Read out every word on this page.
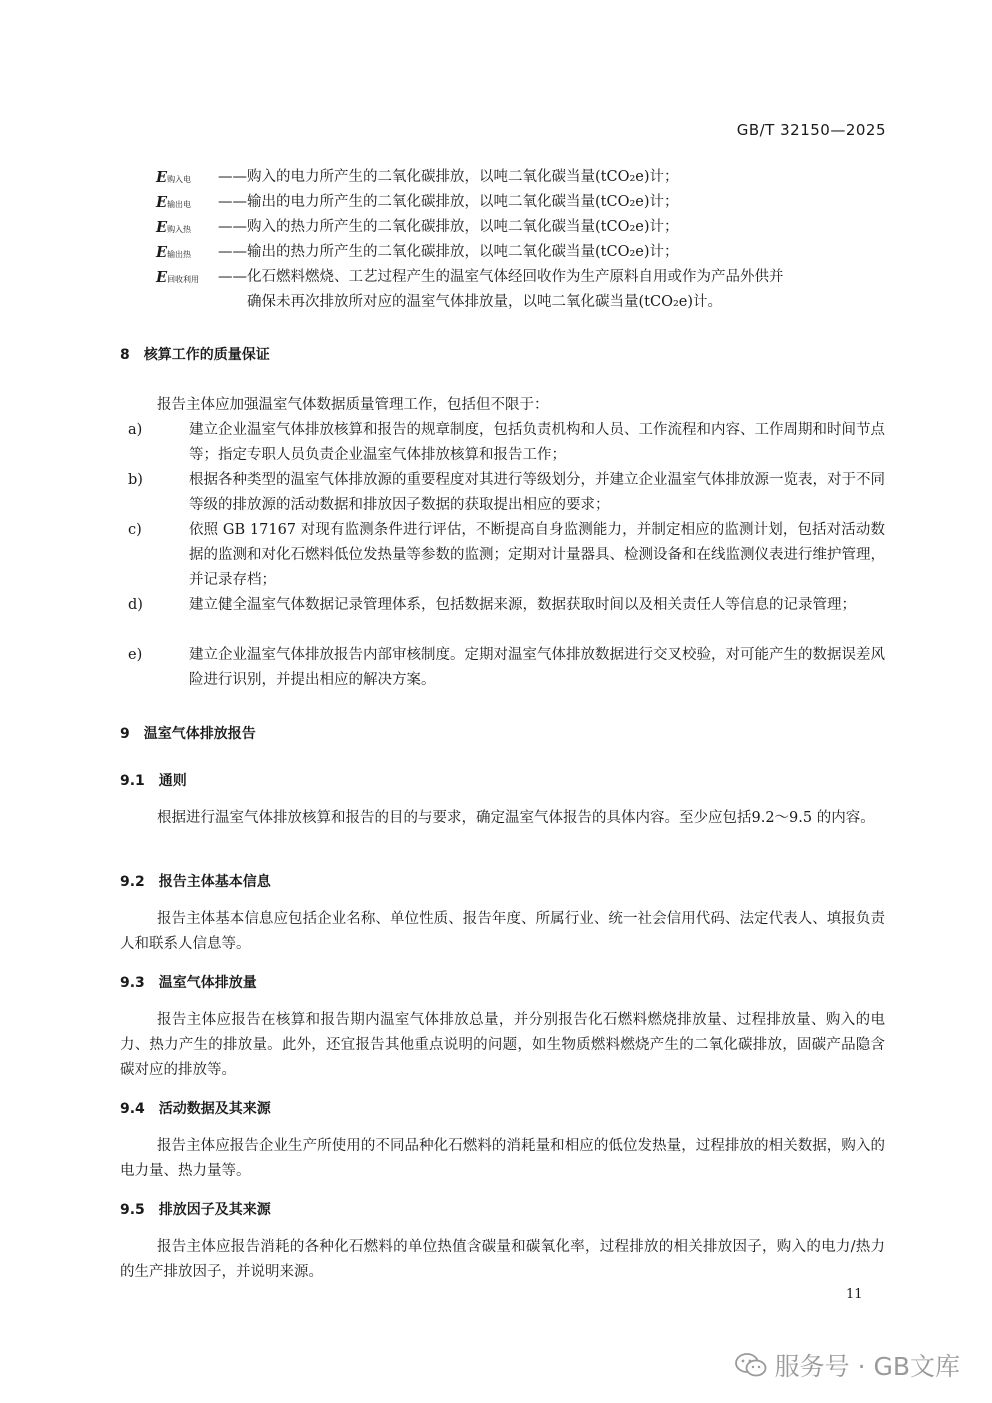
GB/T 32150—2025
E购入电	——购入的电力所产生的二氧化碳排放，以吨二氧化碳当量(tCO₂e)计；
E输出电	——输出的电力所产生的二氧化碳排放，以吨二氧化碳当量(tCO₂e)计；
E购入热	——购入的热力所产生的二氧化碳排放，以吨二氧化碳当量(tCO₂e)计；
E输出热	——输出的热力所产生的二氧化碳排放，以吨二氧化碳当量(tCO₂e)计；
E回收利用	——化石燃料燃烧、工艺过程产生的温室气体经回收作为生产原料自用或作为产品外供并
确保未再次排放所对应的温室气体排放量，以吨二氧化碳当量(tCO₂e)计。
8　核算工作的质量保证
报告主体应加强温室气体数据质量管理工作，包括但不限于：
a)	建立企业温室气体排放核算和报告的规章制度，包括负责机构和人员、工作流程和内容、工作周期和时间节点等；指定专职人员负责企业温室气体排放核算和报告工作；
b)	根据各种类型的温室气体排放源的重要程度对其进行等级划分，并建立企业温室气体排放源一览表，对于不同等级的排放源的活动数据和排放因子数据的获取提出相应的要求；
c)	依照 GB 17167 对现有监测条件进行评估，不断提高自身监测能力，并制定相应的监测计划，包括对活动数据的监测和对化石燃料低位发热量等参数的监测；定期对计量器具、检测设备和在线监测仪表进行维护管理，并记录存档；
d)	建立健全温室气体数据记录管理体系，包括数据来源，数据获取时间以及相关责任人等信息的记录管理；
e)	建立企业温室气体排放报告内部审核制度。定期对温室气体排放数据进行交叉校验，对可能产生的数据误差风险进行识别，并提出相应的解决方案。
9　温室气体排放报告
9.1　通则
根据进行温室气体排放核算和报告的目的与要求，确定温室气体报告的具体内容。至少应包括9.2～9.5 的内容。
9.2　报告主体基本信息
报告主体基本信息应包括企业名称、单位性质、报告年度、所属行业、统一社会信用代码、法定代表人、填报负责人和联系人信息等。
9.3　温室气体排放量
报告主体应报告在核算和报告期内温室气体排放总量，并分别报告化石燃料燃烧排放量、过程排放量、购入的电力、热力产生的排放量。此外，还宜报告其他重点说明的问题，如生物质燃料燃烧产生的二氧化碳排放，固碳产品隐含碳对应的排放等。
9.4　活动数据及其来源
报告主体应报告企业生产所使用的不同品种化石燃料的消耗量和相应的低位发热量，过程排放的相关数据，购入的电力量、热力量等。
9.5　排放因子及其来源
报告主体应报告消耗的各种化石燃料的单位热值含碳量和碳氧化率，过程排放的相关排放因子，购入的电力/热力的生产排放因子，并说明来源。
11
服务号 · GB文库
